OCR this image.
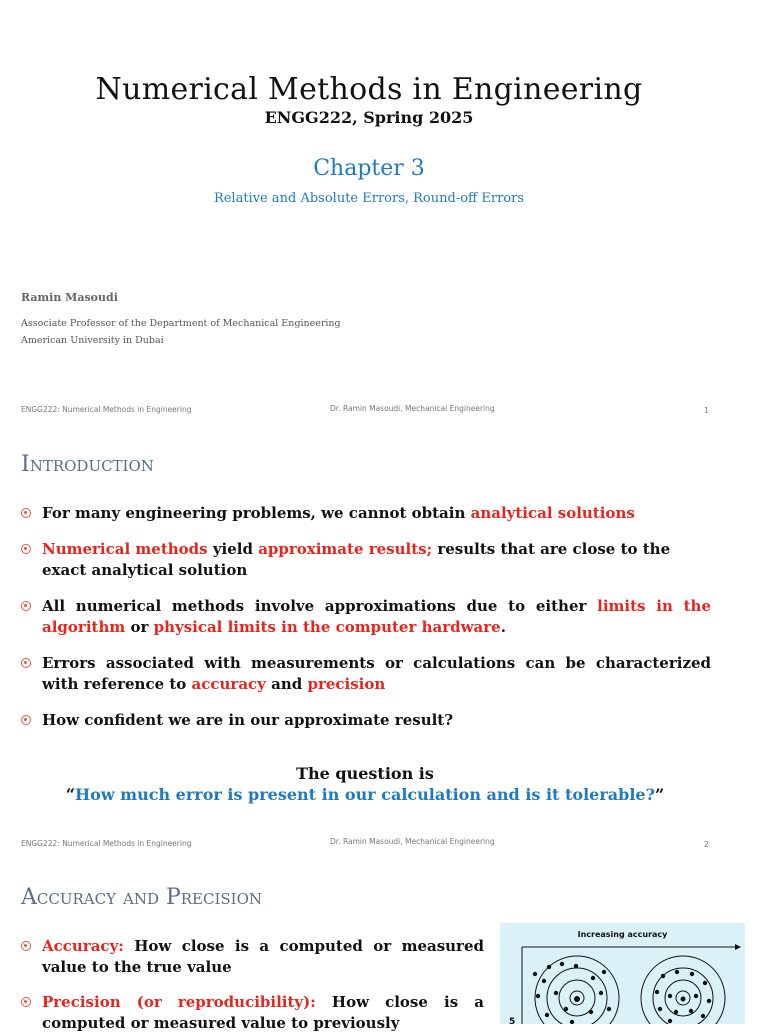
Numerical Methods in Engineering
ENGG222, Spring 2025
Chapter 3
Relative and Absolute Errors, Round-off Errors
Ramin Masoudi
Associate Professor of the Department of Mechanical Engineering
American University in Dubai
ENGG222: Numerical Methods in Engineering	Dr. Ramin Masoudi, Mechanical Engineering	1
Introduction
For many engineering problems, we cannot obtain analytical solutions
Numerical methods yield approximate results; results that are close to the exact analytical solution
All numerical methods involve approximations due to either limits in the algorithm or physical limits in the computer hardware.
Errors associated with measurements or calculations can be characterized with reference to accuracy and precision
How confident we are in our approximate result?
The question is
“How much error is present in our calculation and is it tolerable?”
ENGG222: Numerical Methods in Engineering	Dr. Ramin Masoudi, Mechanical Engineering	2
Accuracy and Precision
Accuracy: How close is a computed or measured value to the true value
Precision (or reproducibility): How close is a computed or measured value to previously
Increasing accuracy
5
